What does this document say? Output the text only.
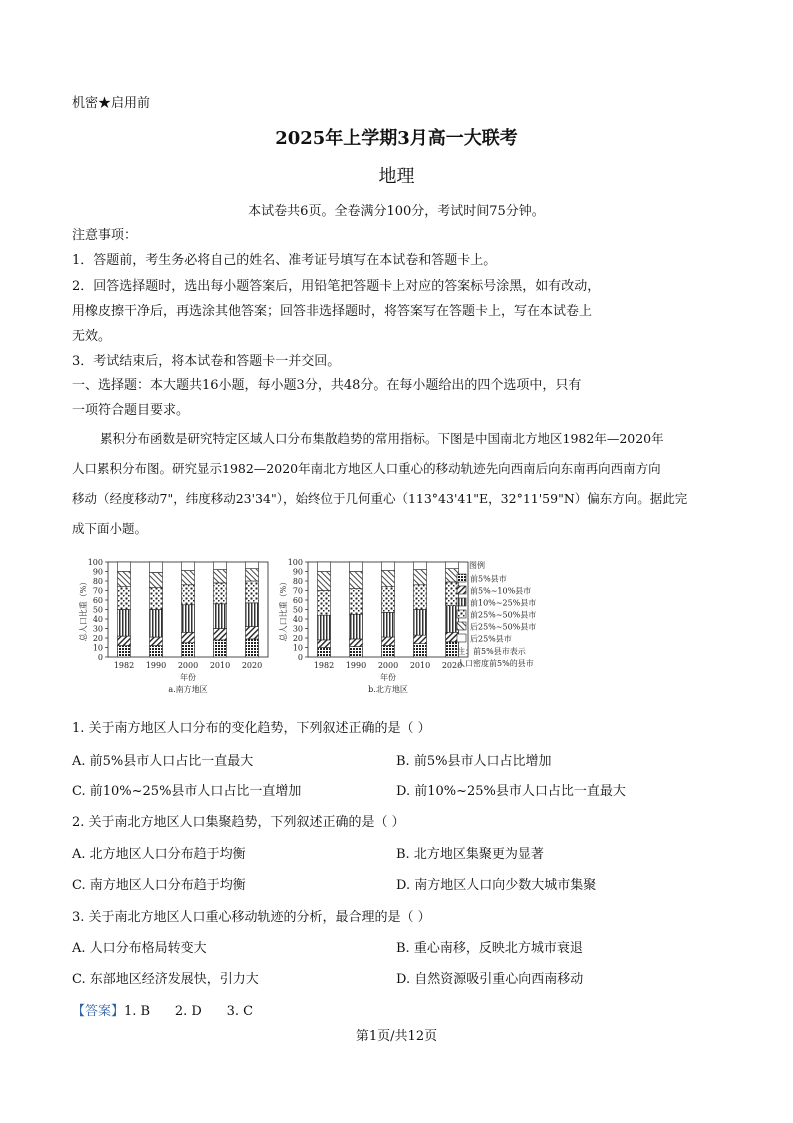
机密★启用前
2025年上学期3月高一大联考
地理
本试卷共6页。全卷满分100分，考试时间75分钟。
注意事项：
1．答题前，考生务必将自己的姓名、准考证号填写在本试卷和答题卡上。
2．回答选择题时，选出每小题答案后，用铅笔把答题卡上对应的答案标号涂黑，如有改动，
用橡皮擦干净后，再选涂其他答案；回答非选择题时，将答案写在答题卡上，写在本试卷上
无效。
3．考试结束后，将本试卷和答题卡一并交回。
一、选择题：本大题共16小题，每小题3分，共48分。在每小题给出的四个选项中，只有
一项符合题目要求。
累积分布函数是研究特定区域人口分布集散趋势的常用指标。下图是中国南北方地区1982年—2020年
人口累积分布图。研究显示1982—2020年南北方地区人口重心的移动轨迹先向西南后向东南再向西南方向
移动（经度移动7"，纬度移动23'34"），始终位于几何重心（113°43'41"E，32°11'59"N）偏东方向。据此完
成下面小题。
0
10
20
30
40
50
60
70
80
90
100
总人口比重（%）
1982 1990 2000 2010 2020
年份
a.南方地区
0
10
20
30
40
50
60
70
80
90
100
总人口比重（%）
1982 1990 2000 2010 2020
年份
b.北方地区
图例
前5%县市
前5%~10%县市
前10%~25%县市
前25%~50%县市
后25%~50%县市
后25%县市
注：前5%县市表示
人口密度前5%的县市
1. 关于南方地区人口分布的变化趋势，下列叙述正确的是（ ）
A. 前5%县市人口占比一直最大	B. 前5%县市人口占比增加
C. 前10%~25%县市人口占比一直增加	D. 前10%~25%县市人口占比一直最大
2. 关于南北方地区人口集聚趋势，下列叙述正确的是（ ）
A. 北方地区人口分布趋于均衡	B. 北方地区集聚更为显著
C. 南方地区人口分布趋于均衡	D. 南方地区人口向少数大城市集聚
3. 关于南北方地区人口重心移动轨迹的分析，最合理的是（ ）
A. 人口分布格局转变大	B. 重心南移，反映北方城市衰退
C. 东部地区经济发展快，引力大	D. 自然资源吸引重心向西南移动
【答案】1. B      2. D      3. C
第1页/共12页
